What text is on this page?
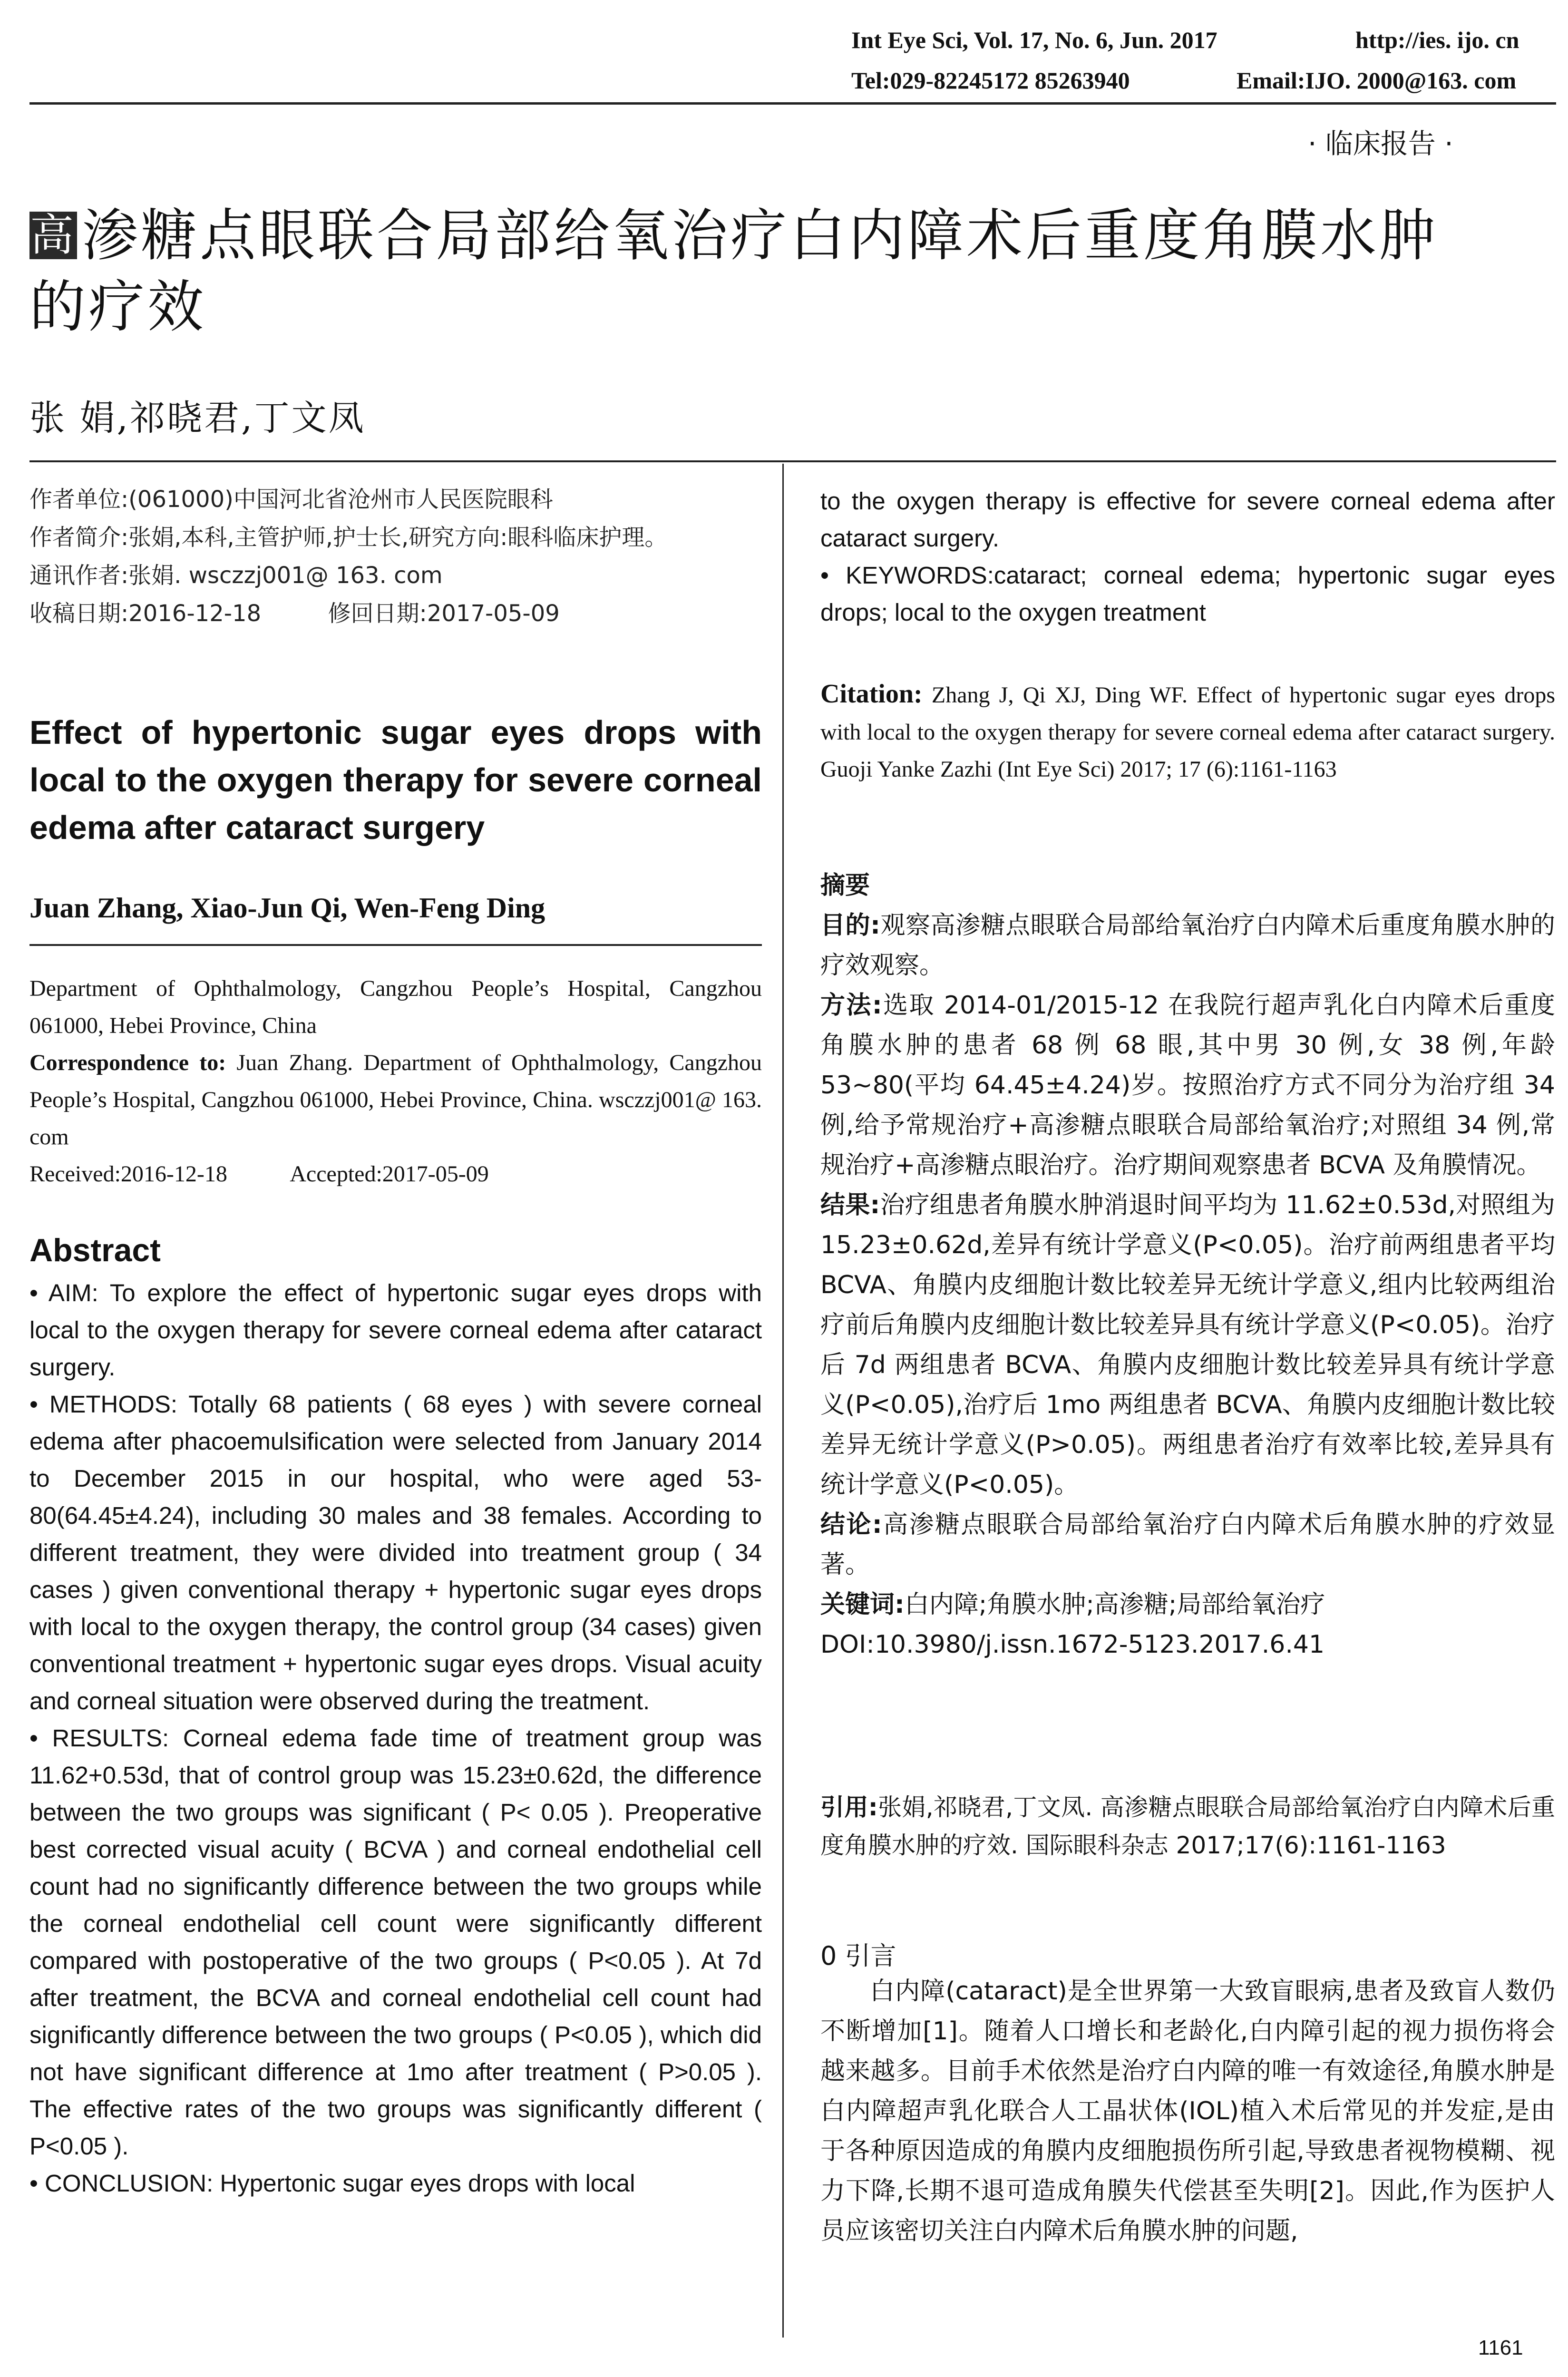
Int Eye Sci, Vol. 17, No. 6, Jun. 2017	http://ies. ijo. cn
Tel:029-82245172 85263940	Email:IJO. 2000@163. com
· 临床报告 ·
高渗糖点眼联合局部给氧治疗白内障术后重度角膜水肿
的疗效
张 娟,祁晓君,丁文凤
作者单位:(061000)中国河北省沧州市人民医院眼科
作者简介:张娟,本科,主管护师,护士长,研究方向:眼科临床护理。
通讯作者:张娟. wsczzj001@ 163. com
收稿日期:2016-12-18	修回日期:2017-05-09
Effect of hypertonic sugar eyes drops with local to the oxygen therapy for severe corneal edema after cataract surgery
Juan Zhang, Xiao-Jun Qi, Wen-Feng Ding
Department of Ophthalmology, Cangzhou People’s Hospital, Cangzhou 061000, Hebei Province, China
Correspondence to: Juan Zhang. Department of Ophthalmology, Cangzhou People’s Hospital, Cangzhou 061000, Hebei Province, China. wsczzj001@ 163. com
Received:2016-12-18	Accepted:2017-05-09
Abstract

• AIM: To explore the effect of hypertonic sugar eyes drops with local to the oxygen therapy for severe corneal edema after cataract surgery.

• METHODS: Totally 68 patients ( 68 eyes ) with severe corneal edema after phacoemulsification were selected from January 2014 to December 2015 in our hospital, who were aged 53-80(64.45±4.24), including 30 males and 38 females. According to different treatment, they were divided into treatment group ( 34 cases ) given conventional therapy + hypertonic sugar eyes drops with local to the oxygen therapy, the control group (34 cases) given conventional treatment + hypertonic sugar eyes drops. Visual acuity and corneal situation were observed during the treatment.

• RESULTS: Corneal edema fade time of treatment group was 11.62+0.53d, that of control group was 15.23±0.62d, the difference between the two groups was significant ( P< 0.05 ). Preoperative best corrected visual acuity ( BCVA ) and corneal endothelial cell count had no significantly difference between the two groups while the corneal endothelial cell count were significantly different compared with postoperative of the two groups ( P<0.05 ). At 7d after treatment, the BCVA and corneal endothelial cell count had significantly difference between the two groups ( P<0.05 ), which did not have significant difference at 1mo after treatment ( P>0.05 ). The effective rates of the two groups was significantly different ( P<0.05 ).

• CONCLUSION: Hypertonic sugar eyes drops with local

to the oxygen therapy is effective for severe corneal edema after cataract surgery.

• KEYWORDS:cataract; corneal edema; hypertonic sugar eyes drops; local to the oxygen treatment

Citation: Zhang J, Qi XJ, Ding WF. Effect of hypertonic sugar eyes drops with local to the oxygen therapy for severe corneal edema after cataract surgery. Guoji Yanke Zazhi (Int Eye Sci) 2017; 17 (6):1161-1163

摘要

目的:观察高渗糖点眼联合局部给氧治疗白内障术后重度角膜水肿的疗效观察。

方法:选取 2014-01/2015-12 在我院行超声乳化白内障术后重度角膜水肿的患者 68 例 68 眼,其中男 30 例,女 38 例,年龄 53~80(平均 64.45±4.24)岁。按照治疗方式不同分为治疗组 34 例,给予常规治疗+高渗糖点眼联合局部给氧治疗;对照组 34 例,常规治疗+高渗糖点眼治疗。治疗期间观察患者 BCVA 及角膜情况。

结果:治疗组患者角膜水肿消退时间平均为 11.62±0.53d,对照组为 15.23±0.62d,差异有统计学意义(P<0.05)。治疗前两组患者平均 BCVA、角膜内皮细胞计数比较差异无统计学意义,组内比较两组治疗前后角膜内皮细胞计数比较差异具有统计学意义(P<0.05)。治疗后 7d 两组患者 BCVA、角膜内皮细胞计数比较差异具有统计学意义(P<0.05),治疗后 1mo 两组患者 BCVA、角膜内皮细胞计数比较差异无统计学意义(P>0.05)。两组患者治疗有效率比较,差异具有统计学意义(P<0.05)。

结论:高渗糖点眼联合局部给氧治疗白内障术后角膜水肿的疗效显著。

关键词:白内障;角膜水肿;高渗糖;局部给氧治疗

DOI:10.3980/j.issn.1672-5123.2017.6.41

引用:张娟,祁晓君,丁文凤. 高渗糖点眼联合局部给氧治疗白内障术后重度角膜水肿的疗效. 国际眼科杂志 2017;17(6):1161-1163
0 引言
白内障(cataract)是全世界第一大致盲眼病,患者及致盲人数仍不断增加[1]。随着人口增长和老龄化,白内障引起的视力损伤将会越来越多。目前手术依然是治疗白内障的唯一有效途径,角膜水肿是白内障超声乳化联合人工晶状体(IOL)植入术后常见的并发症,是由于各种原因造成的角膜内皮细胞损伤所引起,导致患者视物模糊、视力下降,长期不退可造成角膜失代偿甚至失明[2]。因此,作为医护人员应该密切关注白内障术后角膜水肿的问题,
1161
